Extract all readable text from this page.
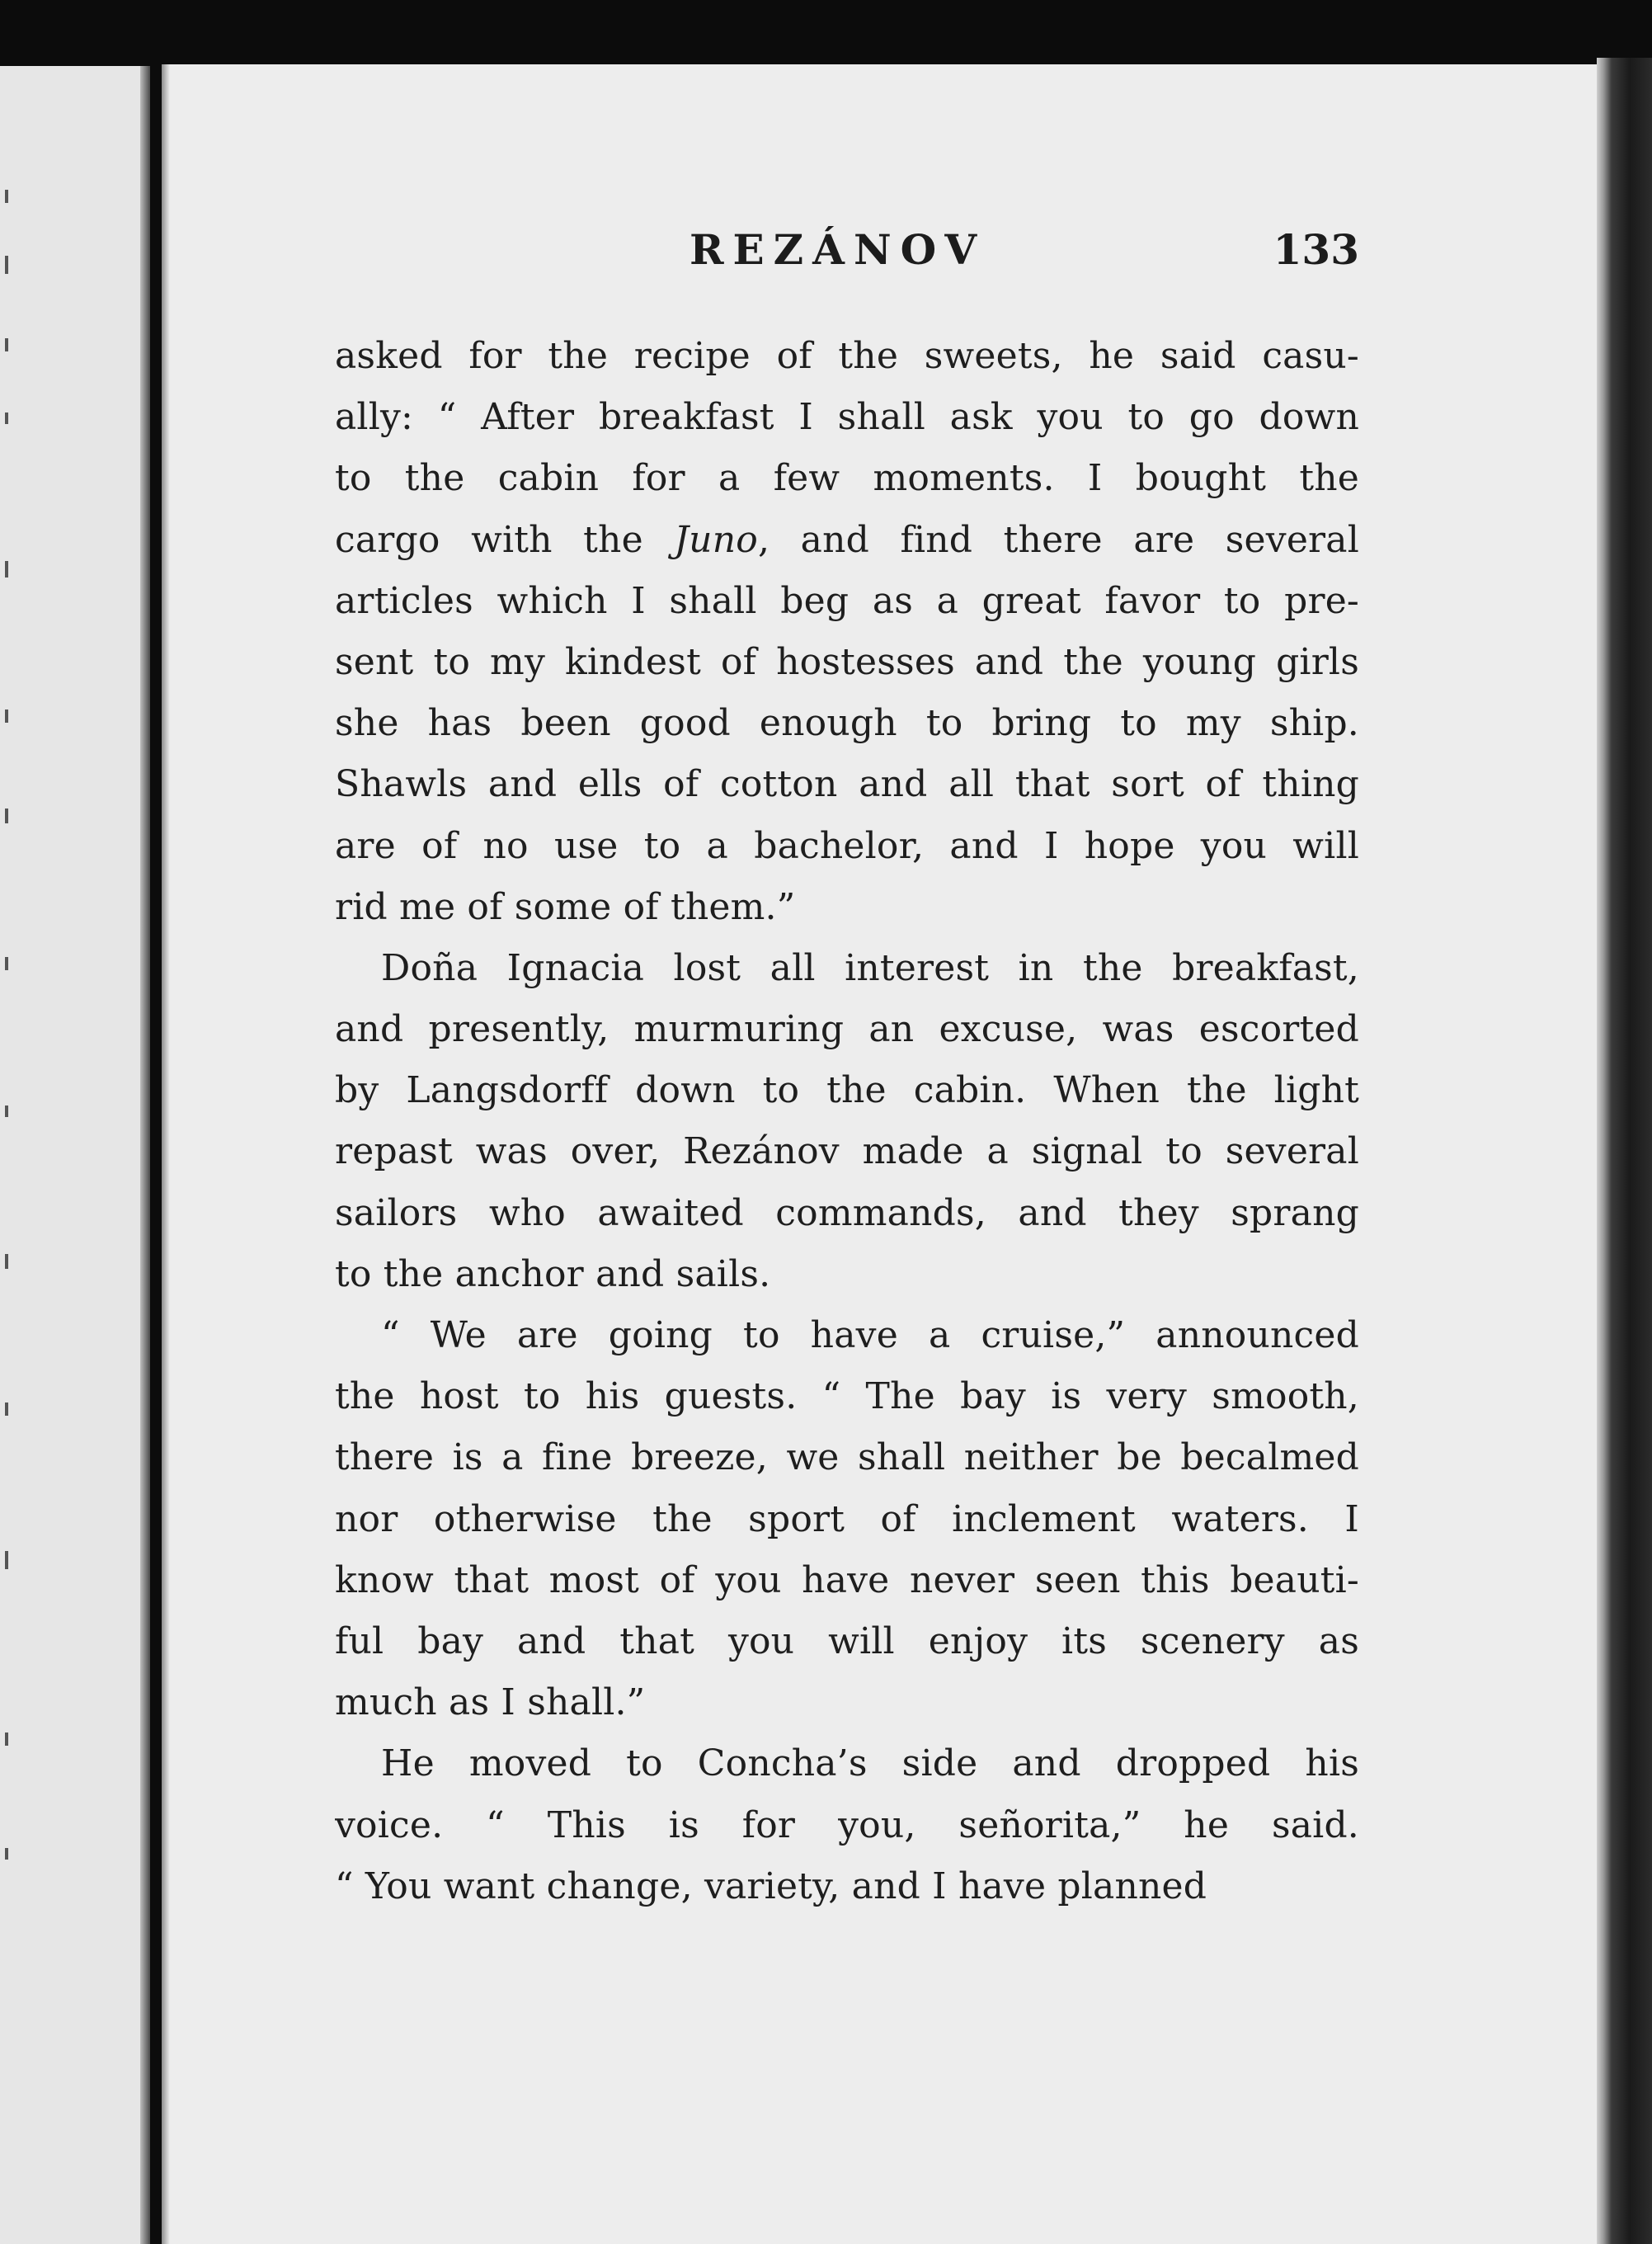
REZÁNOV	133
asked for the recipe of the sweets, he said casu-
ally: “ After breakfast I shall ask you to go down
to the cabin for a few moments. I bought the
cargo with the Juno, and find there are several
articles which I shall beg as a great favor to pre-
sent to my kindest of hostesses and the young girls
she has been good enough to bring to my ship.
Shawls and ells of cotton and all that sort of thing
are of no use to a bachelor, and I hope you will
rid me of some of them.”
Doña Ignacia lost all interest in the breakfast,
and presently, murmuring an excuse, was escorted
by Langsdorff down to the cabin. When the light
repast was over, Rezánov made a signal to several
sailors who awaited commands, and they sprang
to the anchor and sails.
“ We are going to have a cruise,” announced
the host to his guests. “ The bay is very smooth,
there is a fine breeze, we shall neither be becalmed
nor otherwise the sport of inclement waters. I
know that most of you have never seen this beauti-
ful bay and that you will enjoy its scenery as
much as I shall.”
He moved to Concha’s side and dropped his
voice. “ This is for you, señorita,” he said.
“ You want change, variety, and I have planned
